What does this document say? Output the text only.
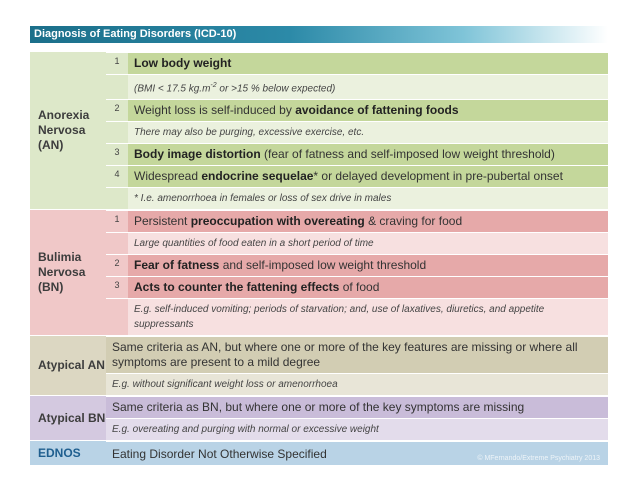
Diagnosis of Eating Disorders (ICD-10)
Anorexia Nervosa (AN)
1	Low body weight
(BMI < 17.5 $kg.m^{-2}$ or >15 % below expected)
2	Weight loss is self-induced by avoidance of fattening foods
There may also be purging, excessive exercise, etc.
3	Body image distortion (fear of fatness and self-imposed low weight threshold)
4	Widespread endocrine sequelae* or delayed development in pre-pubertal onset
* I.e. amenorrhoea in females or loss of sex drive in males
Bulimia Nervosa (BN)
1	Persistent preoccupation with overeating & craving for food
Large quantities of food eaten in a short period of time
2	Fear of fatness and self-imposed low weight threshold
3	Acts to counter the fattening effects of food
E.g. self-induced vomiting; periods of starvation; and, use of laxatives, diuretics, and appetite suppressants
Atypical AN
Same criteria as AN, but where one or more of the key features are missing or where all symptoms are present to a mild degree
E.g. without significant weight loss or amenorrhoea
Atypical BN
Same criteria as BN, but where one or more of the key symptoms are missing
E.g. overeating and purging with normal or excessive weight
EDNOS	Eating Disorder Not Otherwise Specified	© MFernando/Extreme Psychiatry 2013
